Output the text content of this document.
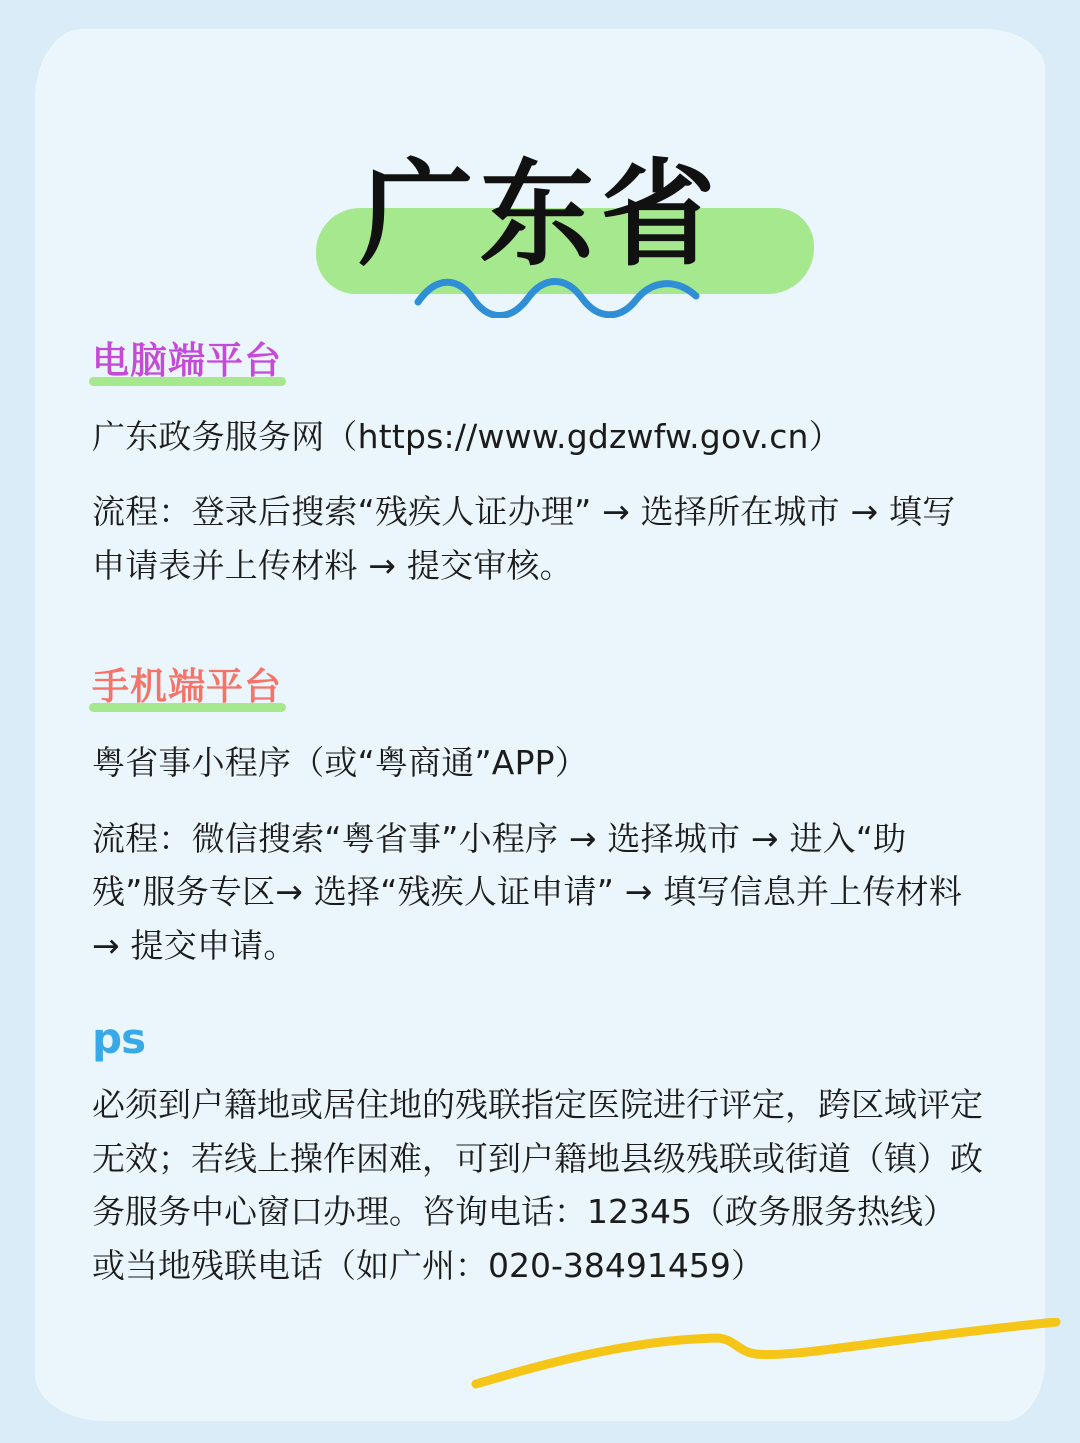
广东省
电脑端平台

广东政务服务网（https://www.gdzwfw.gov.cn）

流程：登录后搜索“残疾人证办理” → 选择所在城市 → 填写申请表并上传材料 → 提交审核。

手机端平台

粤省事小程序（或“粤商通”APP）

流程：微信搜索“粤省事”小程序 → 选择城市 → 进入“助残”服务专区→ 选择“残疾人证申请” → 填写信息并上传材料 → 提交申请。

ps

必须到户籍地或居住地的残联指定医院进行评定，跨区域评定无效；若线上操作困难，可到户籍地县级残联或街道（镇）政务服务中心窗口办理。咨询电话：12345（政务服务热线）或当地残联电话（如广州：020-38491459）
